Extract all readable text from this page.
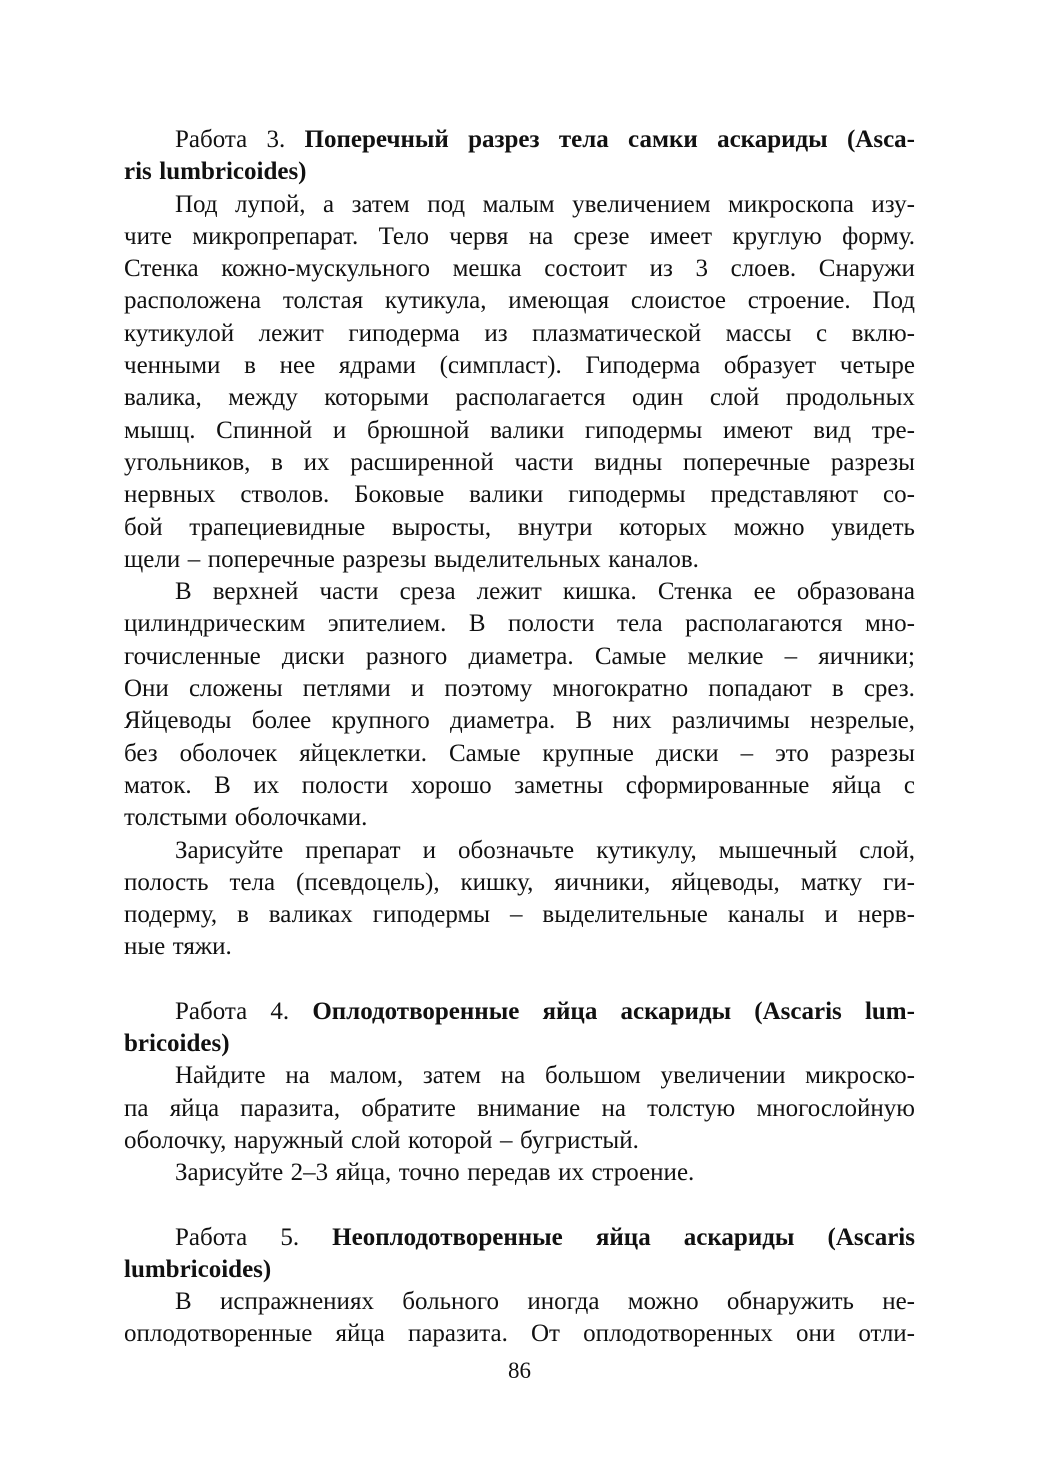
Работа 3. Поперечный разрез тела самки аскариды (Asca-
ris lumbricoides)
Под лупой, а затем под малым увеличением микроскопа изу-
чите микропрепарат. Тело червя на срезе имеет круглую форму.
Стенка кожно-мускульного мешка состоит из 3 слоев. Снаружи
расположена толстая кутикула, имеющая слоистое строение. Под
кутикулой лежит гиподерма из плазматической массы с вклю-
ченными в нее ядрами (симпласт). Гиподерма образует четыре
валика, между которыми располагается один слой продольных
мышц. Спинной и брюшной валики гиподермы имеют вид тре-
угольников, в их расширенной части видны поперечные разрезы
нервных стволов. Боковые валики гиподермы представляют со-
бой трапециевидные выросты, внутри которых можно увидеть
щели – поперечные разрезы выделительных каналов.
В верхней части среза лежит кишка. Стенка ее образована
цилиндрическим эпителием. В полости тела располагаются мно-
гочисленные диски разного диаметра. Самые мелкие – яичники;
Они сложены петлями и поэтому многократно попадают в срез.
Яйцеводы более крупного диаметра. В них различимы незрелые,
без оболочек яйцеклетки. Самые крупные диски – это разрезы
маток. В их полости хорошо заметны сформированные яйца с
толстыми оболочками.
Зарисуйте препарат и обозначьте кутикулу, мышечный слой,
полость тела (псевдоцель), кишку, яичники, яйцеводы, матку ги-
подерму, в валиках гиподермы – выделительные каналы и нерв-
ные тяжи.
Работа 4. Оплодотворенные яйца аскариды (Ascaris lum-
bricoides)
Найдите на малом, затем на большом увеличении микроско-
па яйца паразита, обратите внимание на толстую многослойную
оболочку, наружный слой которой – бугристый.
Зарисуйте 2–3 яйца, точно передав их строение.
Работа 5. Неоплодотворенные яйца аскариды (Ascaris
lumbricoides)
В испражнениях больного иногда можно обнаружить не-
оплодотворенные яйца паразита. От оплодотворенных они отли-
86
